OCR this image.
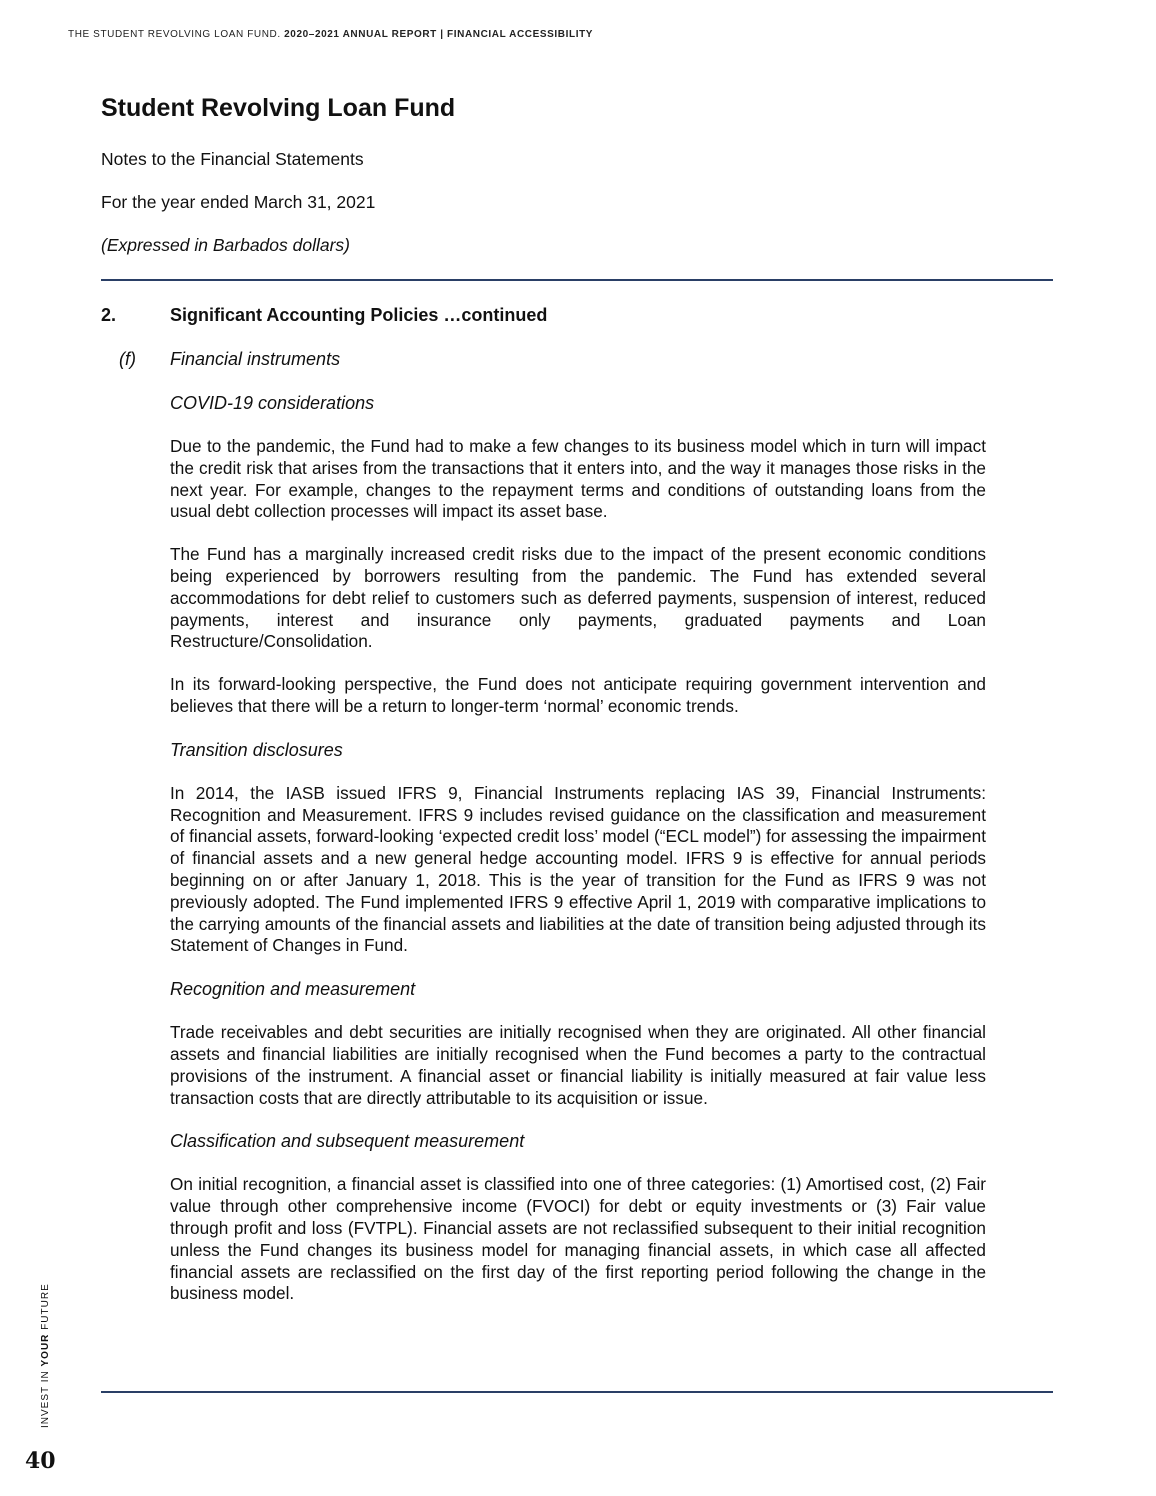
THE STUDENT REVOLVING LOAN FUND. 2020–2021 ANNUAL REPORT | FINANCIAL ACCESSIBILITY
Student Revolving Loan Fund

Notes to the Financial Statements

For the year ended March 31, 2021

(Expressed in Barbados dollars)

2.	Significant Accounting Policies …continued
(f) Financial instruments

COVID-19 considerations

Due to the pandemic, the Fund had to make a few changes to its business model which in turn will impact the credit risk that arises from the transactions that it enters into, and the way it manages those risks in the next year. For example, changes to the repayment terms and conditions of outstanding loans from the usual debt collection processes will impact its asset base.

The Fund has a marginally increased credit risks due to the impact of the present economic conditions being experienced by borrowers resulting from the pandemic. The Fund has extended several accommodations for debt relief to customers such as deferred payments, suspension of interest, reduced payments, interest and insurance only payments, graduated payments and Loan Restructure/Consolidation.

In its forward-looking perspective, the Fund does not anticipate requiring government intervention and believes that there will be a return to longer-term ‘normal’ economic trends.

Transition disclosures

In 2014, the IASB issued IFRS 9, Financial Instruments replacing IAS 39, Financial Instruments: Recognition and Measurement. IFRS 9 includes revised guidance on the classification and measurement of financial assets, forward-looking ‘expected credit loss’ model (“ECL model”) for assessing the impairment of financial assets and a new general hedge accounting model. IFRS 9 is effective for annual periods beginning on or after January 1, 2018. This is the year of transition for the Fund as IFRS 9 was not previously adopted. The Fund implemented IFRS 9 effective April 1, 2019 with comparative implications to the carrying amounts of the financial assets and liabilities at the date of transition being adjusted through its Statement of Changes in Fund.

Recognition and measurement

Trade receivables and debt securities are initially recognised when they are originated. All other financial assets and financial liabilities are initially recognised when the Fund becomes a party to the contractual provisions of the instrument. A financial asset or financial liability is initially measured at fair value less transaction costs that are directly attributable to its acquisition or issue.

Classification and subsequent measurement

On initial recognition, a financial asset is classified into one of three categories: (1) Amortised cost, (2) Fair value through other comprehensive income (FVOCI) for debt or equity investments or (3) Fair value through profit and loss (FVTPL). Financial assets are not reclassified subsequent to their initial recognition unless the Fund changes its business model for managing financial assets, in which case all affected financial assets are reclassified on the first day of the first reporting period following the change in the business model.

INVEST IN YOUR FUTURE
40
